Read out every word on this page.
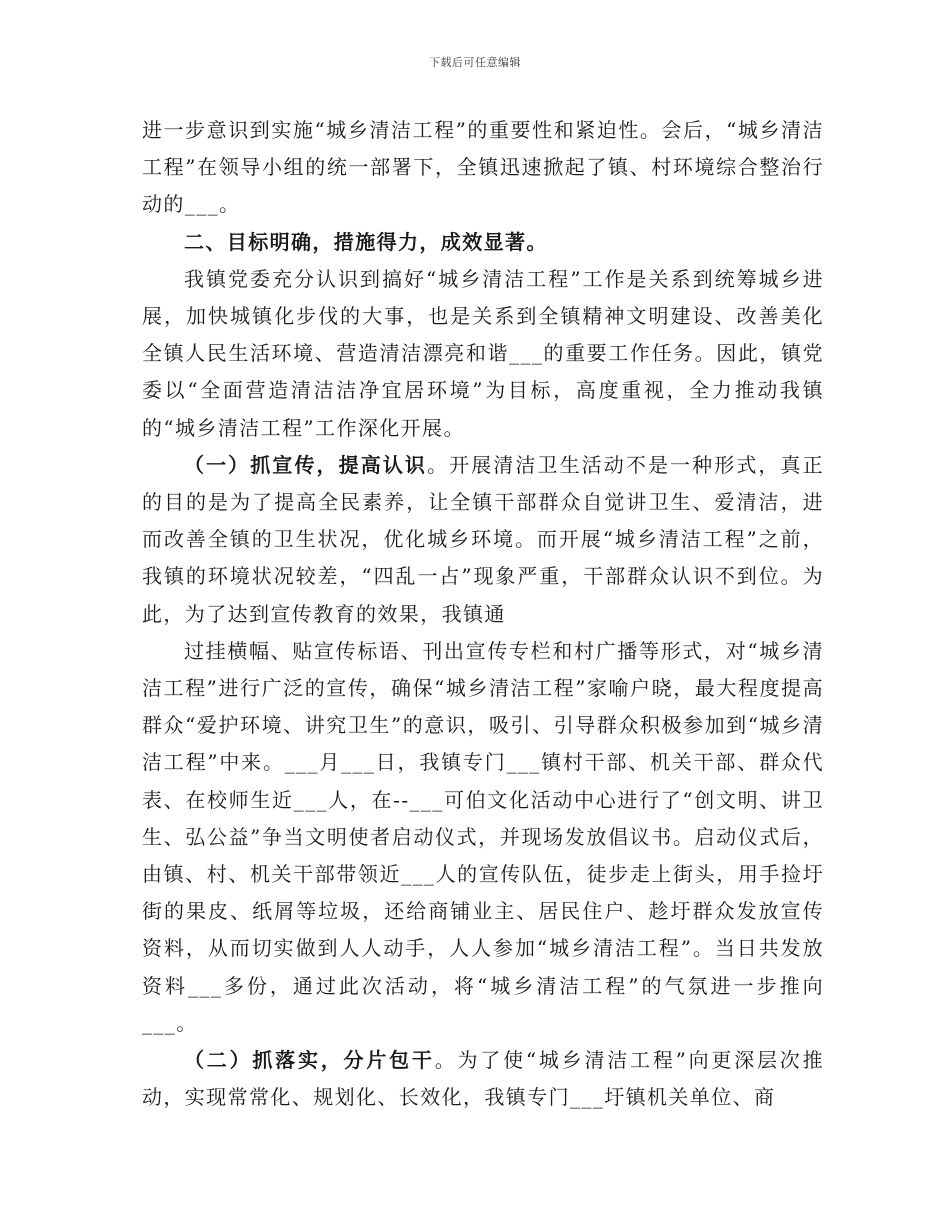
下载后可任意编辑

进一步意识到实施“城乡清洁工程”的重要性和紧迫性。会后，“城乡清洁工程”在领导小组的统一部署下，全镇迅速掀起了镇、村环境综合整治行动的___。

二、目标明确，措施得力，成效显著。

我镇党委充分认识到搞好“城乡清洁工程”工作是关系到统筹城乡进展，加快城镇化步伐的大事，也是关系到全镇精神文明建设、改善美化全镇人民生活环境、营造清洁漂亮和谐___的重要工作任务。因此，镇党委以“全面营造清洁洁净宜居环境”为目标，高度重视，全力推动我镇的“城乡清洁工程”工作深化开展。

（一）抓宣传，提高认识。开展清洁卫生活动不是一种形式，真正的目的是为了提高全民素养，让全镇干部群众自觉讲卫生、爱清洁，进而改善全镇的卫生状况，优化城乡环境。而开展“城乡清洁工程”之前，我镇的环境状况较差，“四乱一占”现象严重，干部群众认识不到位。为此，为了达到宣传教育的效果，我镇通

过挂横幅、贴宣传标语、刊出宣传专栏和村广播等形式，对“城乡清洁工程”进行广泛的宣传，确保“城乡清洁工程”家喻户晓，最大程度提高群众“爱护环境、讲究卫生”的意识，吸引、引导群众积极参加到“城乡清洁工程”中来。___月___日，我镇专门___镇村干部、机关干部、群众代表、在校师生近___人，在--___可伯文化活动中心进行了“创文明、讲卫生、弘公益”争当文明使者启动仪式，并现场发放倡议书。启动仪式后，由镇、村、机关干部带领近___人的宣传队伍，徒步走上街头，用手捡圩街的果皮、纸屑等垃圾，还给商铺业主、居民住户、趁圩群众发放宣传资料，从而切实做到人人动手，人人参加“城乡清洁工程”。当日共发放资料___多份，通过此次活动，将“城乡清洁工程”的气氛进一步推向___。

（二）抓落实，分片包干。为了使“城乡清洁工程”向更深层次推动，实现常常化、规划化、长效化，我镇专门___圩镇机关单位、商
